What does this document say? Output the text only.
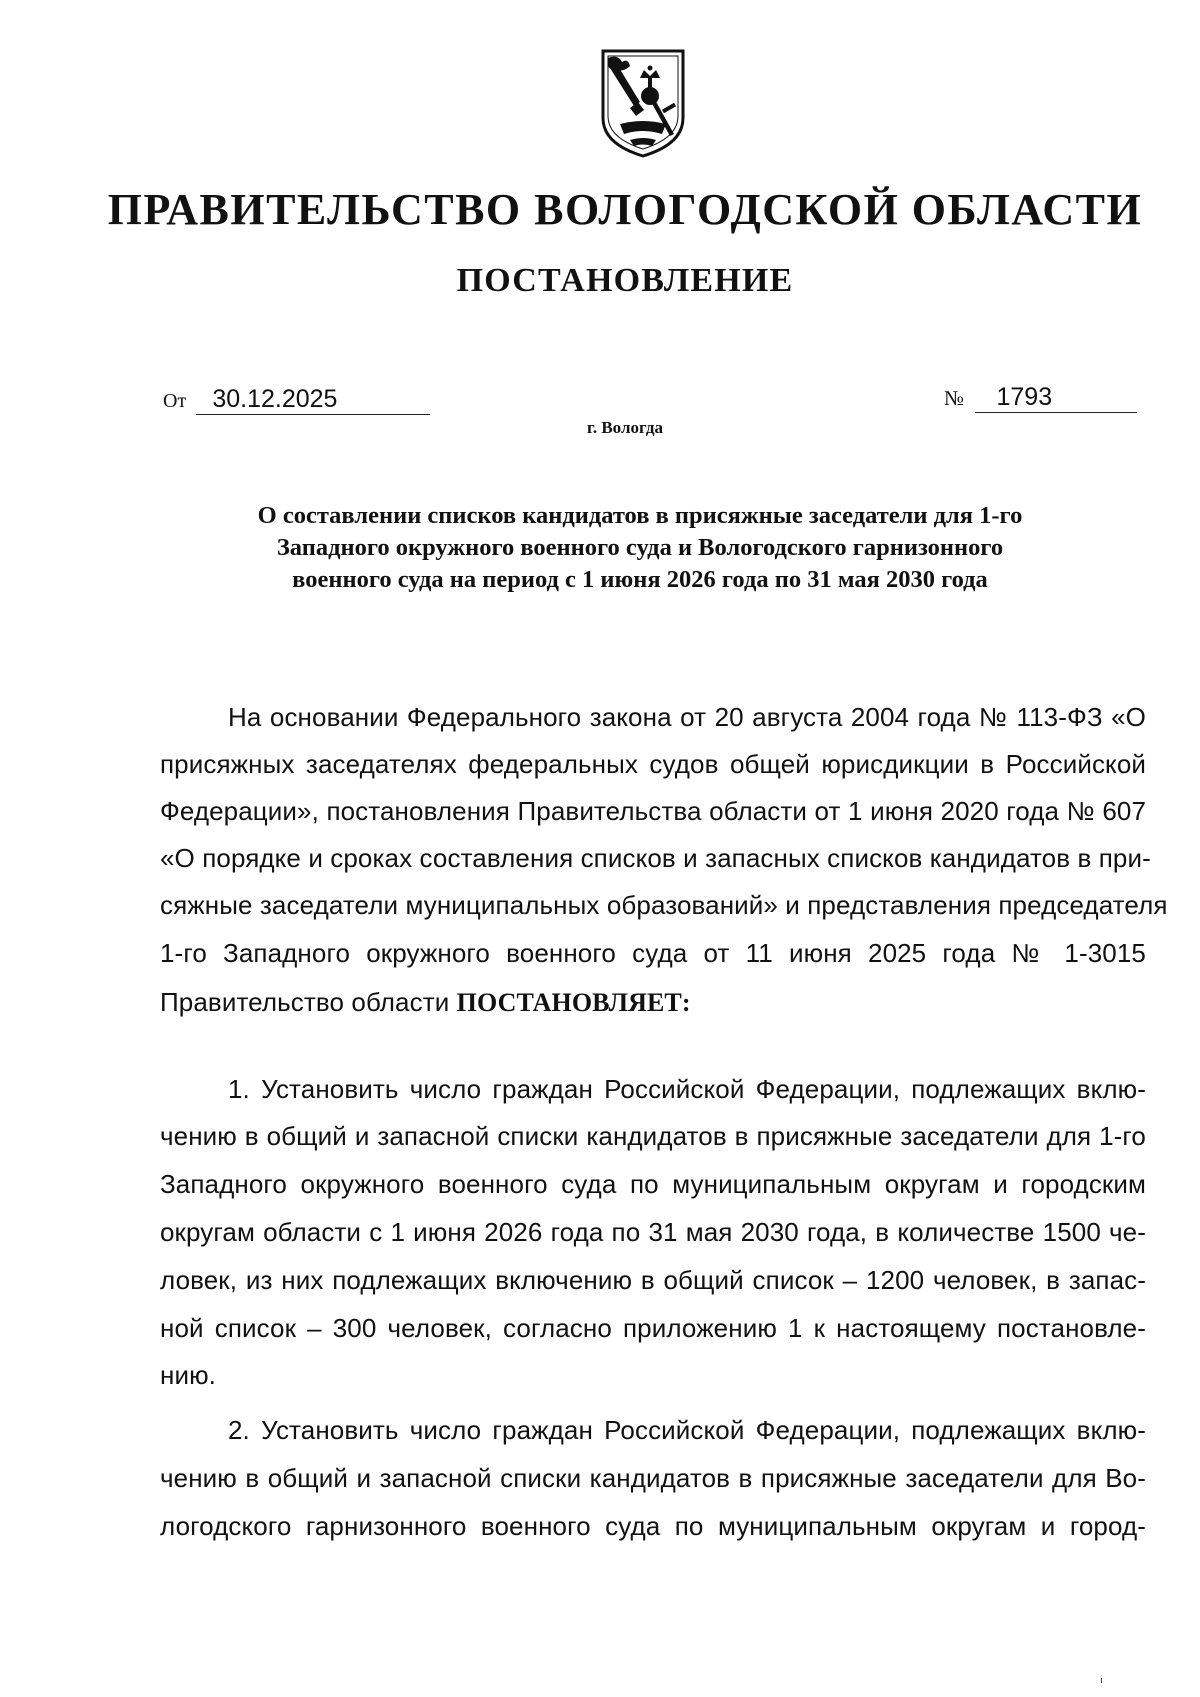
ПРАВИТЕЛЬСТВО ВОЛОГОДСКОЙ ОБЛАСТИ
ПОСТАНОВЛЕНИЕ
От 30.12.2025	№ 1793
г. Вологда
О составлении списков кандидатов в присяжные заседатели для 1-го
Западного окружного военного суда и Вологодского гарнизонного
военного суда на период с 1 июня 2026 года по 31 мая 2030 года
На основании Федерального закона от 20 августа 2004 года № 113-ФЗ «О
присяжных заседателях федеральных судов общей юрисдикции в Российской
Федерации», постановления Правительства области от 1 июня 2020 года № 607
«О порядке и сроках составления списков и запасных списков кандидатов в при-
сяжные заседатели муниципальных образований» и представления председателя
1-го Западного окружного военного суда от 11 июня 2025 года № 1-3015
Правительство области ПОСТАНОВЛЯЕТ:
1. Установить число граждан Российской Федерации, подлежащих вклю-
чению в общий и запасной списки кандидатов в присяжные заседатели для 1-го
Западного окружного военного суда по муниципальным округам и городским
округам области с 1 июня 2026 года по 31 мая 2030 года, в количестве 1500 че-
ловек, из них подлежащих включению в общий список – 1200 человек, в запас-
ной список – 300 человек, согласно приложению 1 к настоящему постановле-
нию.
2. Установить число граждан Российской Федерации, подлежащих вклю-
чению в общий и запасной списки кандидатов в присяжные заседатели для Во-
логодского гарнизонного военного суда по муниципальным округам и город-
